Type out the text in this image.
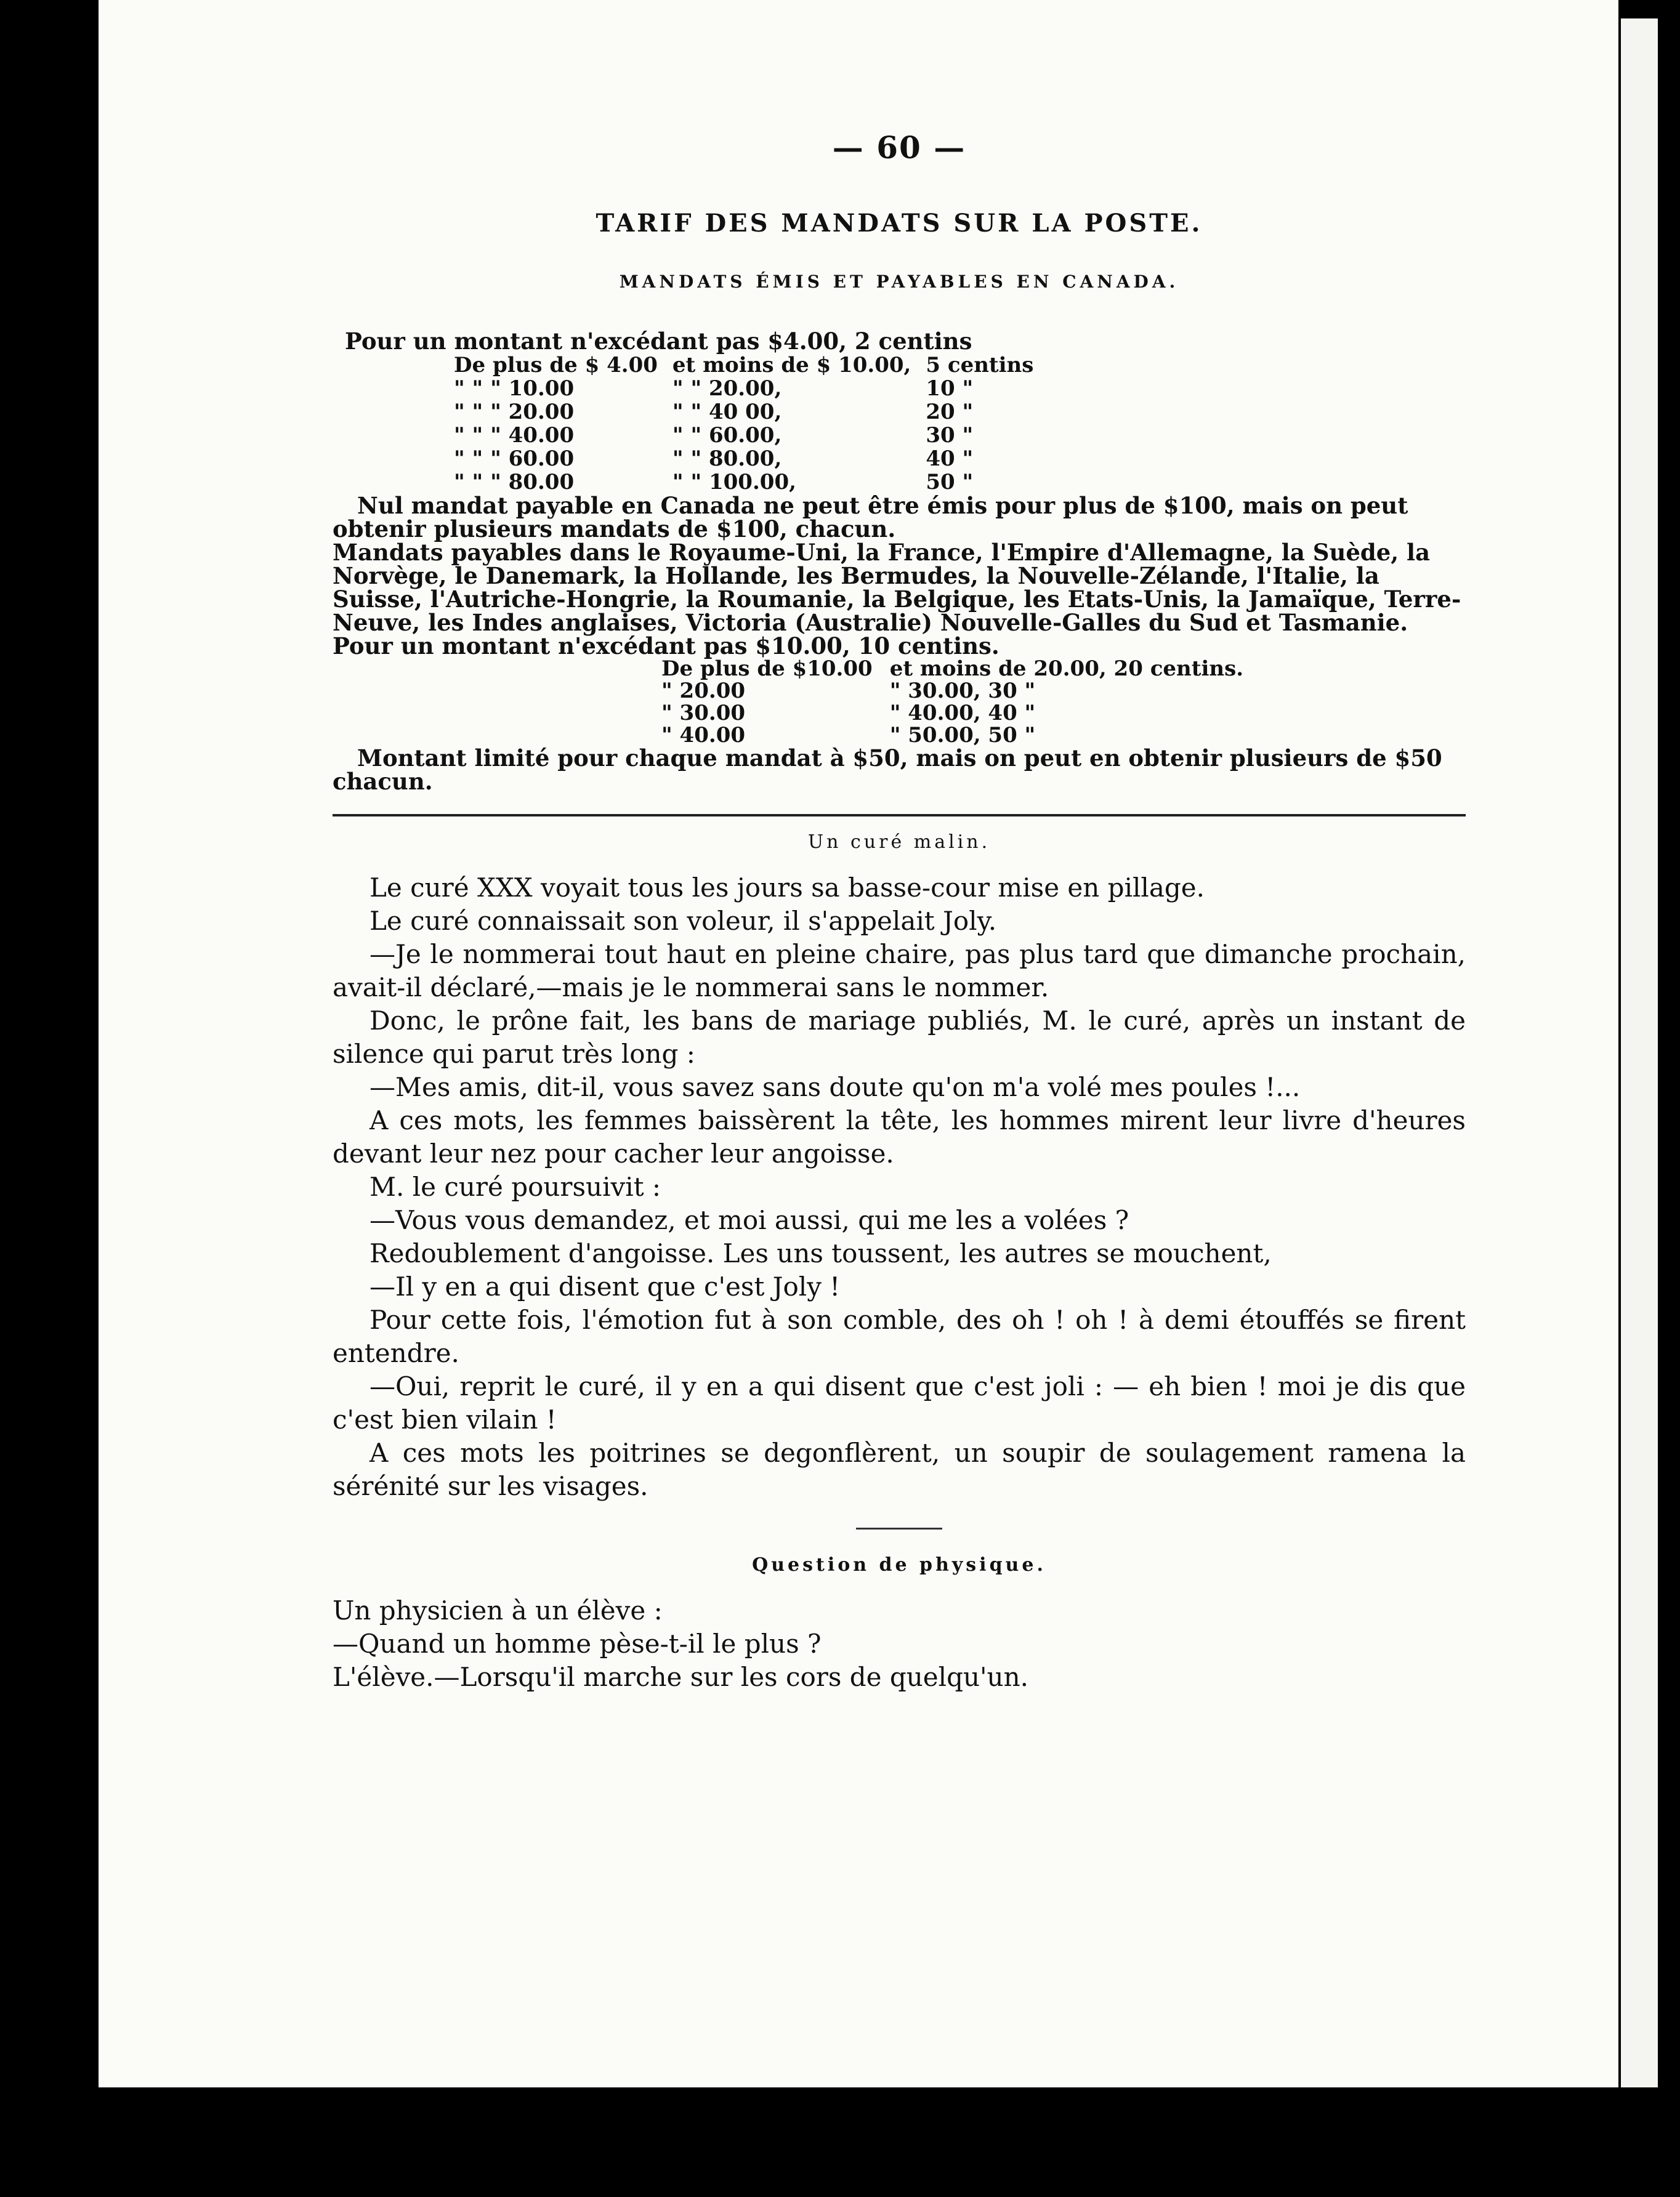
— 60 —
TARIF DES MANDATS SUR LA POSTE.
MANDATS ÉMIS ET PAYABLES EN CANADA.
Pour un montant n'excédant pas $4.00, 2 centins
De plus de $ 4.00	et moins de $ 10.00,	5 centins
" " " 10.00	" " 20.00,	10 "
" " " 20.00	" " 40 00,	20 "
" " " 40.00	" " 60.00,	30 "
" " " 60.00	" " 80.00,	40 "
" " " 80.00	" " 100.00,	50 "

Nul mandat payable en Canada ne peut être émis pour plus de $100, mais on peut obtenir plusieurs mandats de $100, chacun.

Mandats payables dans le Royaume-Uni, la France, l'Empire d'Allemagne, la Suède, la Norvège, le Danemark, la Hollande, les Bermudes, la Nouvelle-Zélande, l'Italie, la Suisse, l'Autriche-Hongrie, la Roumanie, la Belgique, les Etats-Unis, la Jamaïque, Terre-Neuve, les Indes anglaises, Victoria (Australie) Nouvelle-Galles du Sud et Tasmanie.

Pour un montant n'excédant pas $10.00, 10 centins.

De plus de $10.00	et moins de 20.00, 20 centins.
" 20.00	" 30.00, 30 "
" 30.00	" 40.00, 40 "
" 40.00	" 50.00, 50 "

Montant limité pour chaque mandat à $50, mais on peut en obtenir plusieurs de $50 chacun.

Un curé malin.

Le curé XXX voyait tous les jours sa basse-cour mise en pillage.

Le curé connaissait son voleur, il s'appelait Joly.

—Je le nommerai tout haut en pleine chaire, pas plus tard que dimanche prochain, avait-il déclaré,—mais je le nommerai sans le nommer.

Donc, le prône fait, les bans de mariage publiés, M. le curé, après un instant de silence qui parut très long :

—Mes amis, dit-il, vous savez sans doute qu'on m'a volé mes poules !...

A ces mots, les femmes baissèrent la tête, les hommes mirent leur livre d'heures devant leur nez pour cacher leur angoisse.

M. le curé poursuivit :

—Vous vous demandez, et moi aussi, qui me les a volées ?

Redoublement d'angoisse. Les uns toussent, les autres se mouchent,

—Il y en a qui disent que c'est Joly !

Pour cette fois, l'émotion fut à son comble, des oh ! oh ! à demi étouffés se firent entendre.

—Oui, reprit le curé, il y en a qui disent que c'est joli : — eh bien ! moi je dis que c'est bien vilain !

A ces mots les poitrines se degonflèrent, un soupir de soulagement ramena la sérénité sur les visages.

Question de physique.

Un physicien à un élève :

—Quand un homme pèse-t-il le plus ?

L'élève.—Lorsqu'il marche sur les cors de quelqu'un.
